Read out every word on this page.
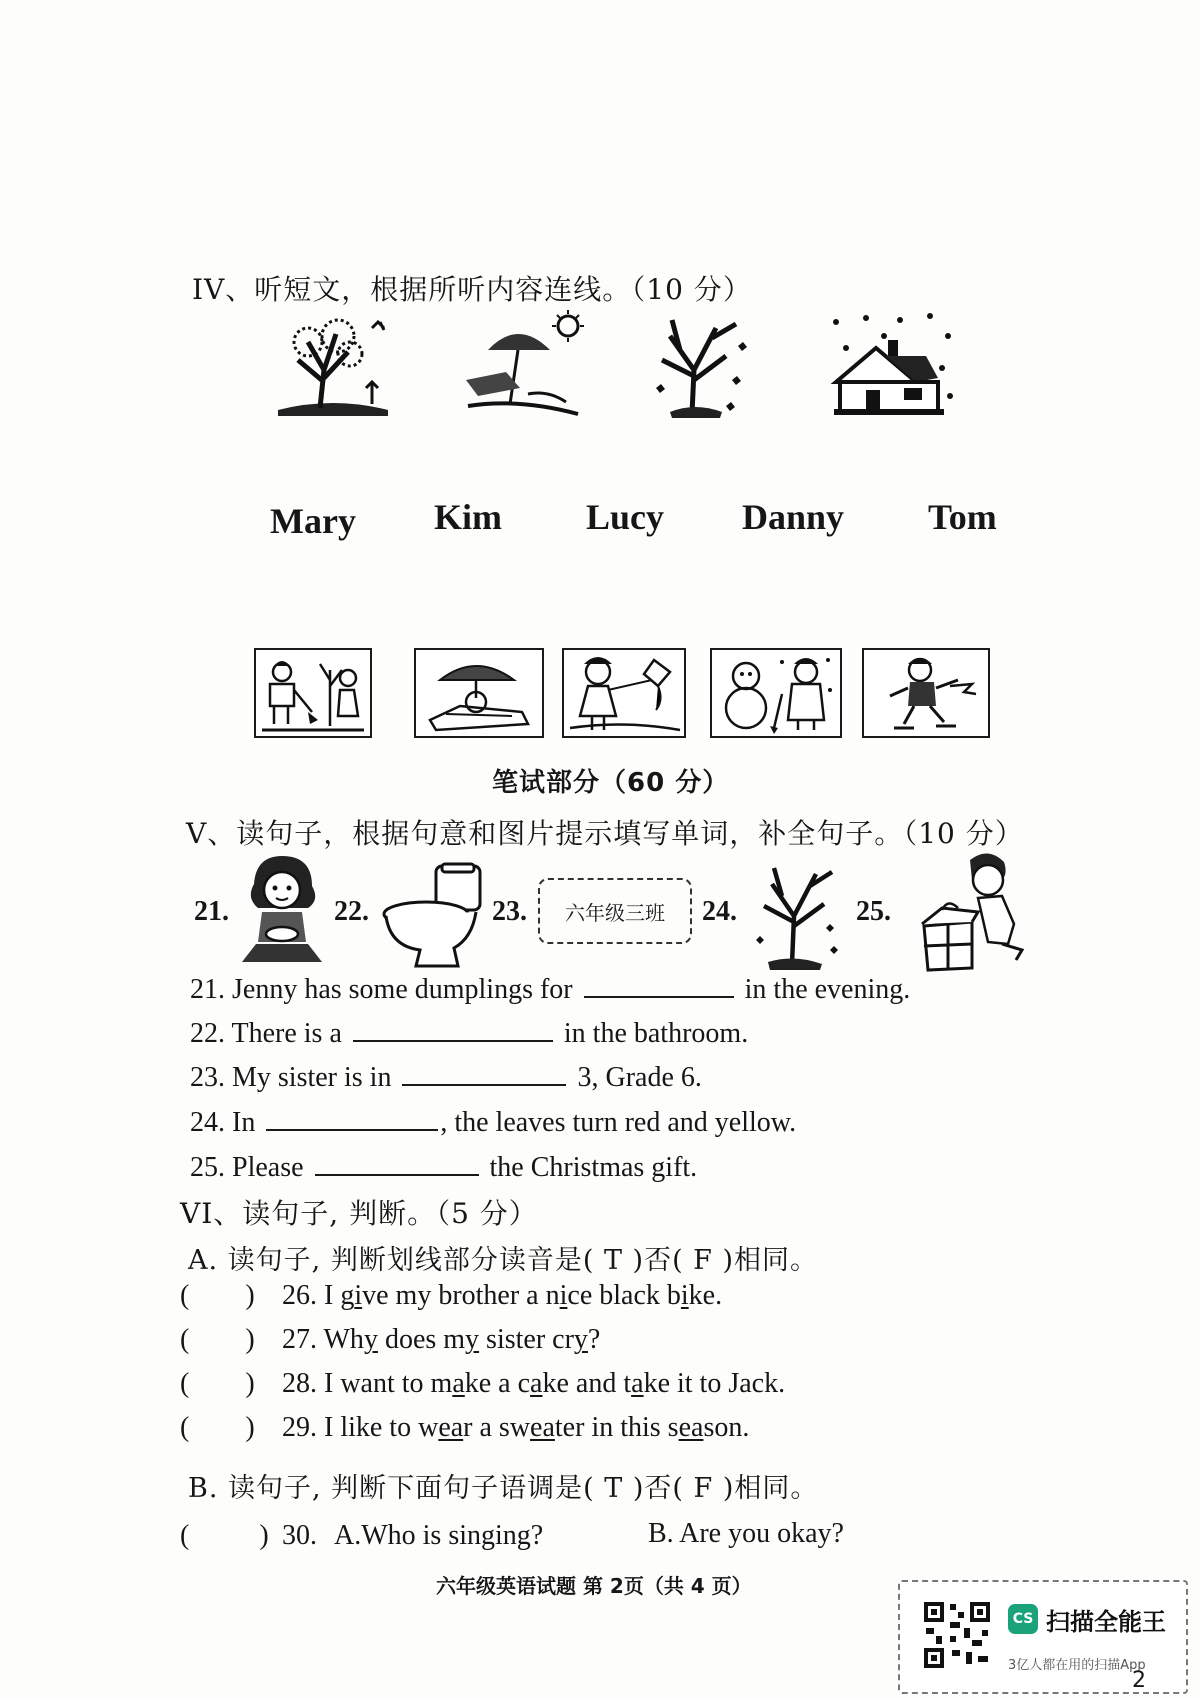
IV、听短文，根据所听内容连线。（10 分）
Mary Kim Lucy Danny Tom
笔试部分（60 分）
V、读句子，根据句意和图片提示填写单词，补全句子。（10 分）
21.	22.	23.	六年级三班	24.	25.
21. Jenny has some dumplings for	in the evening.
22. There is a	in the bathroom.
23. My sister is in	3, Grade 6.
24. In	, the leaves turn red and yellow.
25. Please	the Christmas gift.
VI、读句子, 判断。（5 分）
A. 读句子, 判断划线部分读音是( T )否( F )相同。
( ) 26. I give my brother a nice black bike.
( ) 27. Why does my sister cry?
( ) 28. I want to make a cake and take it to Jack.
( ) 29. I like to wear a sweater in this season.
B. 读句子, 判断下面句子语调是( T )否( F )相同。
(	) 30. A.Who is singing?	B. Are you okay?
六年级英语试题 第 2页（共 4 页）
CS 扫描全能王
3亿人都在用的扫描App
2
